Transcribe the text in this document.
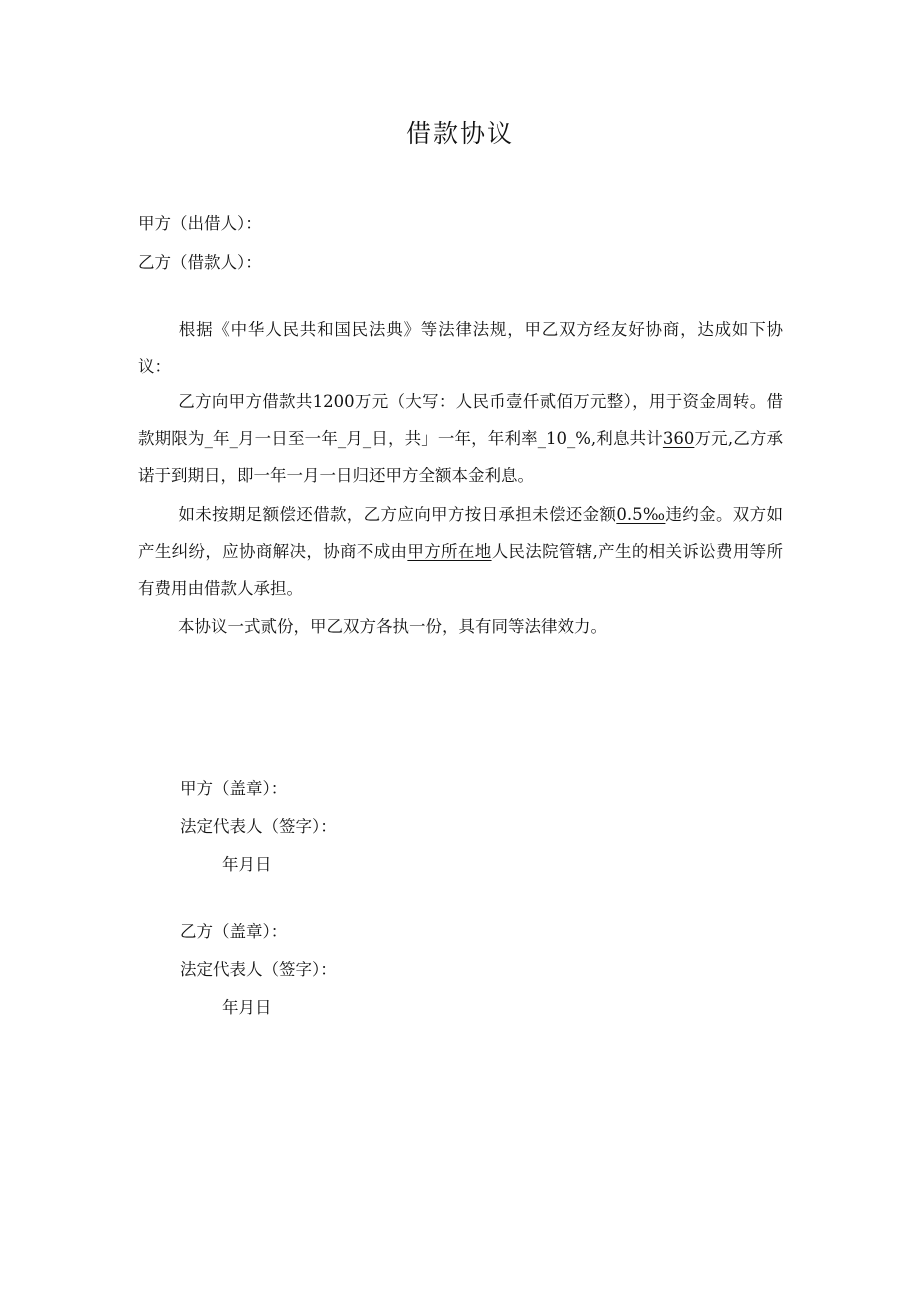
借款协议
甲方（出借人）：
乙方（借款人）：
根据《中华人民共和国民法典》等法律法规，甲乙双方经友好协商，达成如下协议：
乙方向甲方借款共1200万元（大写：人民币壹仟贰佰万元整），用于资金周转。借款期限为_年_月一日至一年_月_日，共」一年，年利率_10_%,利息共计360万元,乙方承诺于到期日，即一年一月一日归还甲方全额本金利息。
如未按期足额偿还借款，乙方应向甲方按日承担未偿还金额0.5‰违约金。双方如产生纠纷，应协商解决，协商不成由甲方所在地人民法院管辖,产生的相关诉讼费用等所有费用由借款人承担。
本协议一式贰份，甲乙双方各执一份，具有同等法律效力。
甲方（盖章）：
法定代表人（签字）：
年月日
乙方（盖章）：
法定代表人（签字）：
年月日
